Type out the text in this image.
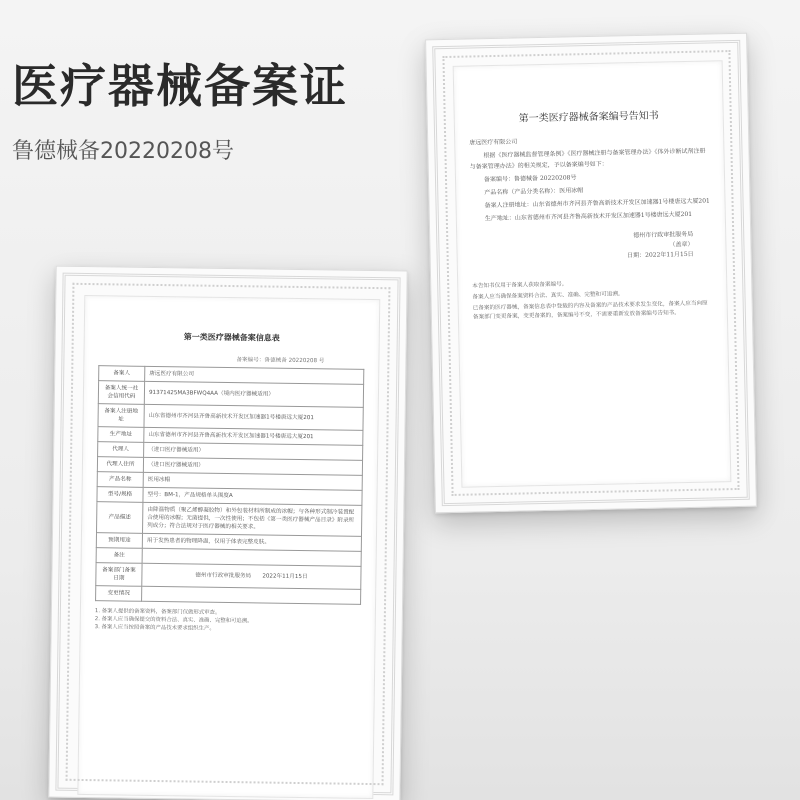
医疗器械备案证
鲁德械备20220208号
第一类医疗器械备案编号告知书

唐远医疗有限公司

根据《医疗器械监督管理条例》《医疗器械注册与备案管理办法》《体外诊断试剂注册与备案管理办法》的相关规定，予以备案编号如下：

备案编号：鲁德械备 20220208号

产品名称（产品分类名称）：医用冰帽

备案人注册地址：山东省德州市齐河县齐鲁高新技术开发区加速器1号楼唐远大厦201

生产地址：山东省德州市齐河县齐鲁高新技术开发区加速器1号楼唐远大厦201

德州市行政审批服务局
（盖章）
日期：2022年11月15日

本告知书仅用于备案人获取备案编号。

备案人应当确保备案资料合法、真实、准确、完整和可追溯。

已备案的医疗器械，备案信息表中登载的内容及备案的产品技术要求发生变化，备案人应当向原备案部门变更备案，变更备案的，备案编号不变，不需要重新发放备案编号告知书。

第一类医疗器械备案信息表
备案编号：鲁德械备 20220208 号
备案人	唐远医疗有限公司
备案人统一社会信用代码	91371425MA3BFWQ4AA（境内医疗器械适用）
备案人注册地址	山东省德州市齐河县齐鲁高新技术开发区加速器1号楼唐远大厦201
生产地址	山东省德州市齐河县齐鲁高新技术开发区加速器1号楼唐远大厦201
代理人	（进口医疗器械适用）
代理人住所	（进口医疗器械适用）
产品名称	医用冰帽
型号/规格	型号：BM-1，产品规格单头围度A
产品描述	由降温物质（聚乙烯醇凝胶物）和外包装材料所制成的冰帽；与各种形式制冷装置配合使用的冰帽；无菌提供，一次性使用；不包括《第一类医疗器械产品目录》附录所列成分；符合法规对于医疗器械的相关要求。
预期用途	用于发热患者的物理降温，仅用于体表完整皮肤。
备注	
备案部门备案日期	德州市行政审批服务局　　2022年11月15日
变更情况	

1. 备案人提供的备案资料，备案部门仅做形式审查。

2. 备案人应当确保提交的资料合法、真实、准确、完整和可追溯。

3. 备案人应当按照备案的产品技术要求组织生产。
